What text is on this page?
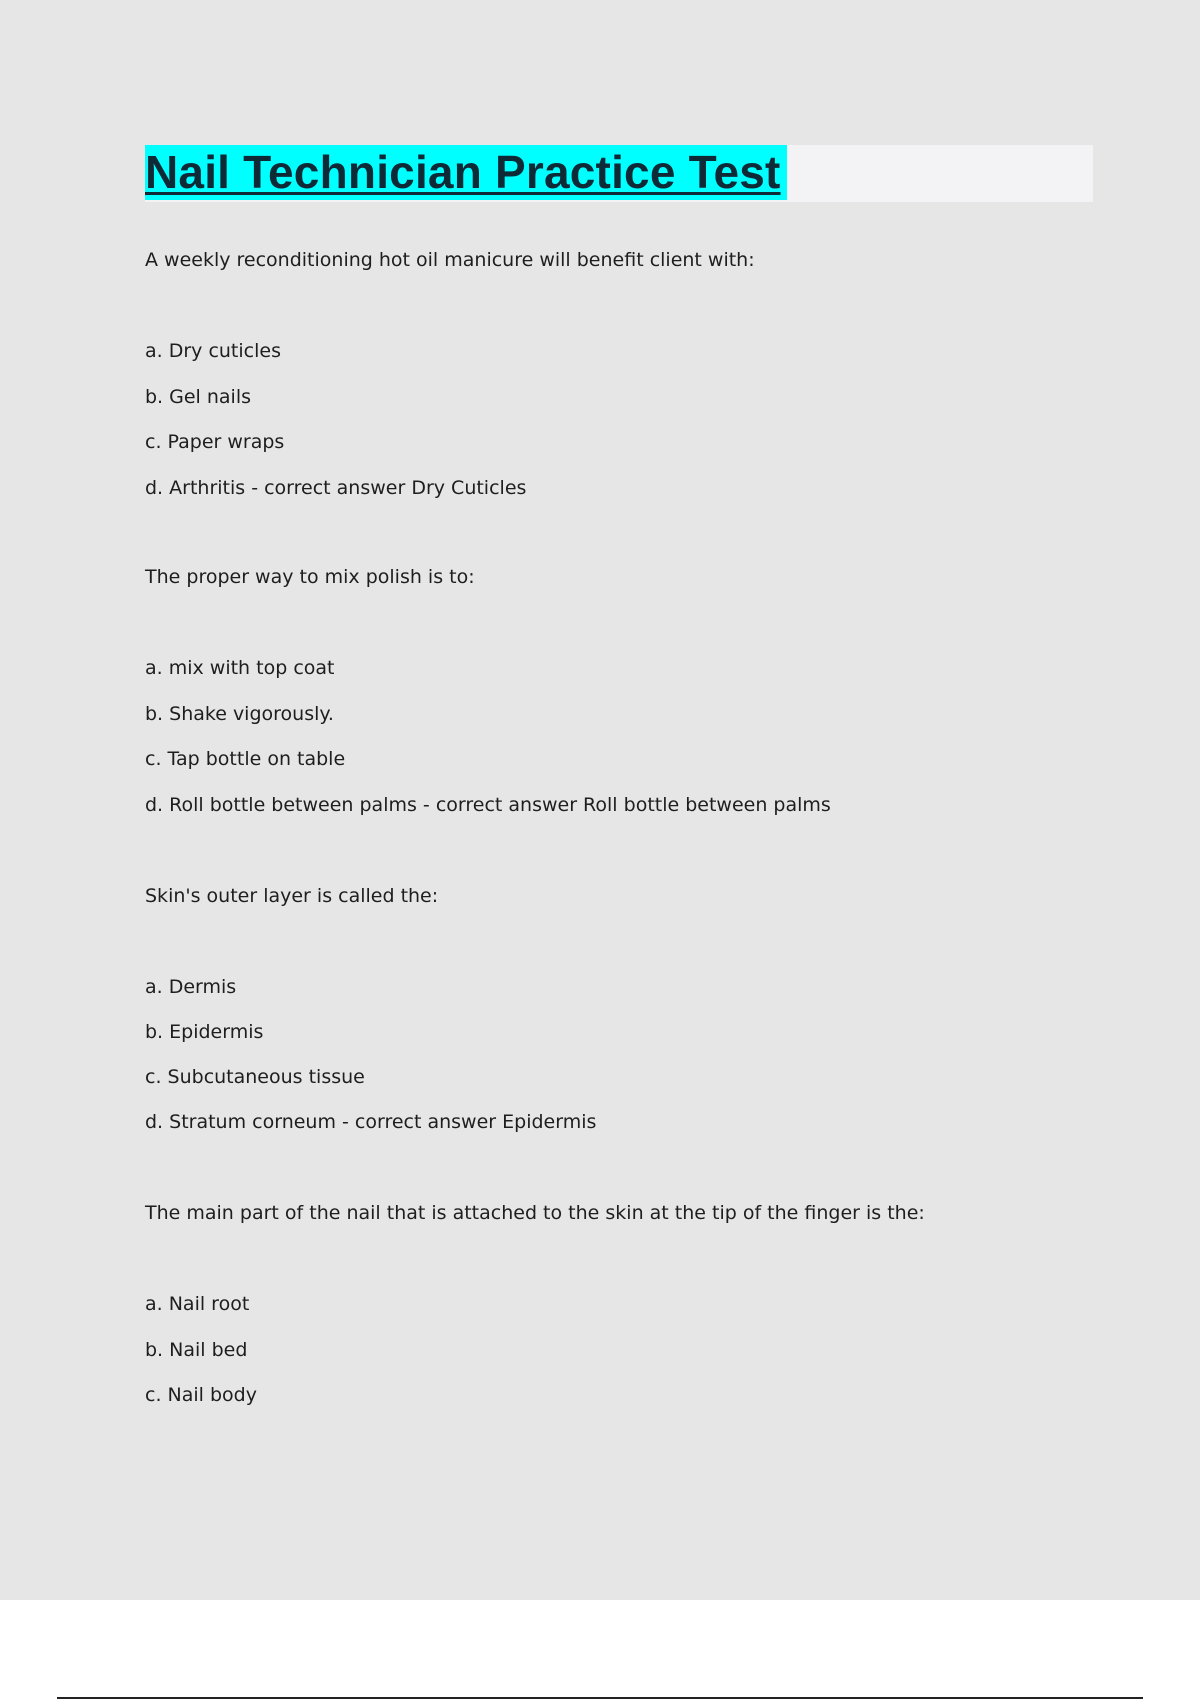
Nail Technician Practice Test
A weekly reconditioning hot oil manicure will benefit client with:
a. Dry cuticles
b. Gel nails
c. Paper wraps
d. Arthritis - correct answer Dry Cuticles
The proper way to mix polish is to:
a. mix with top coat
b. Shake vigorously.
c. Tap bottle on table
d. Roll bottle between palms - correct answer Roll bottle between palms
Skin's outer layer is called the:
a. Dermis
b. Epidermis
c. Subcutaneous tissue
d. Stratum corneum - correct answer Epidermis
The main part of the nail that is attached to the skin at the tip of the finger is the:
a. Nail root
b. Nail bed
c. Nail body
